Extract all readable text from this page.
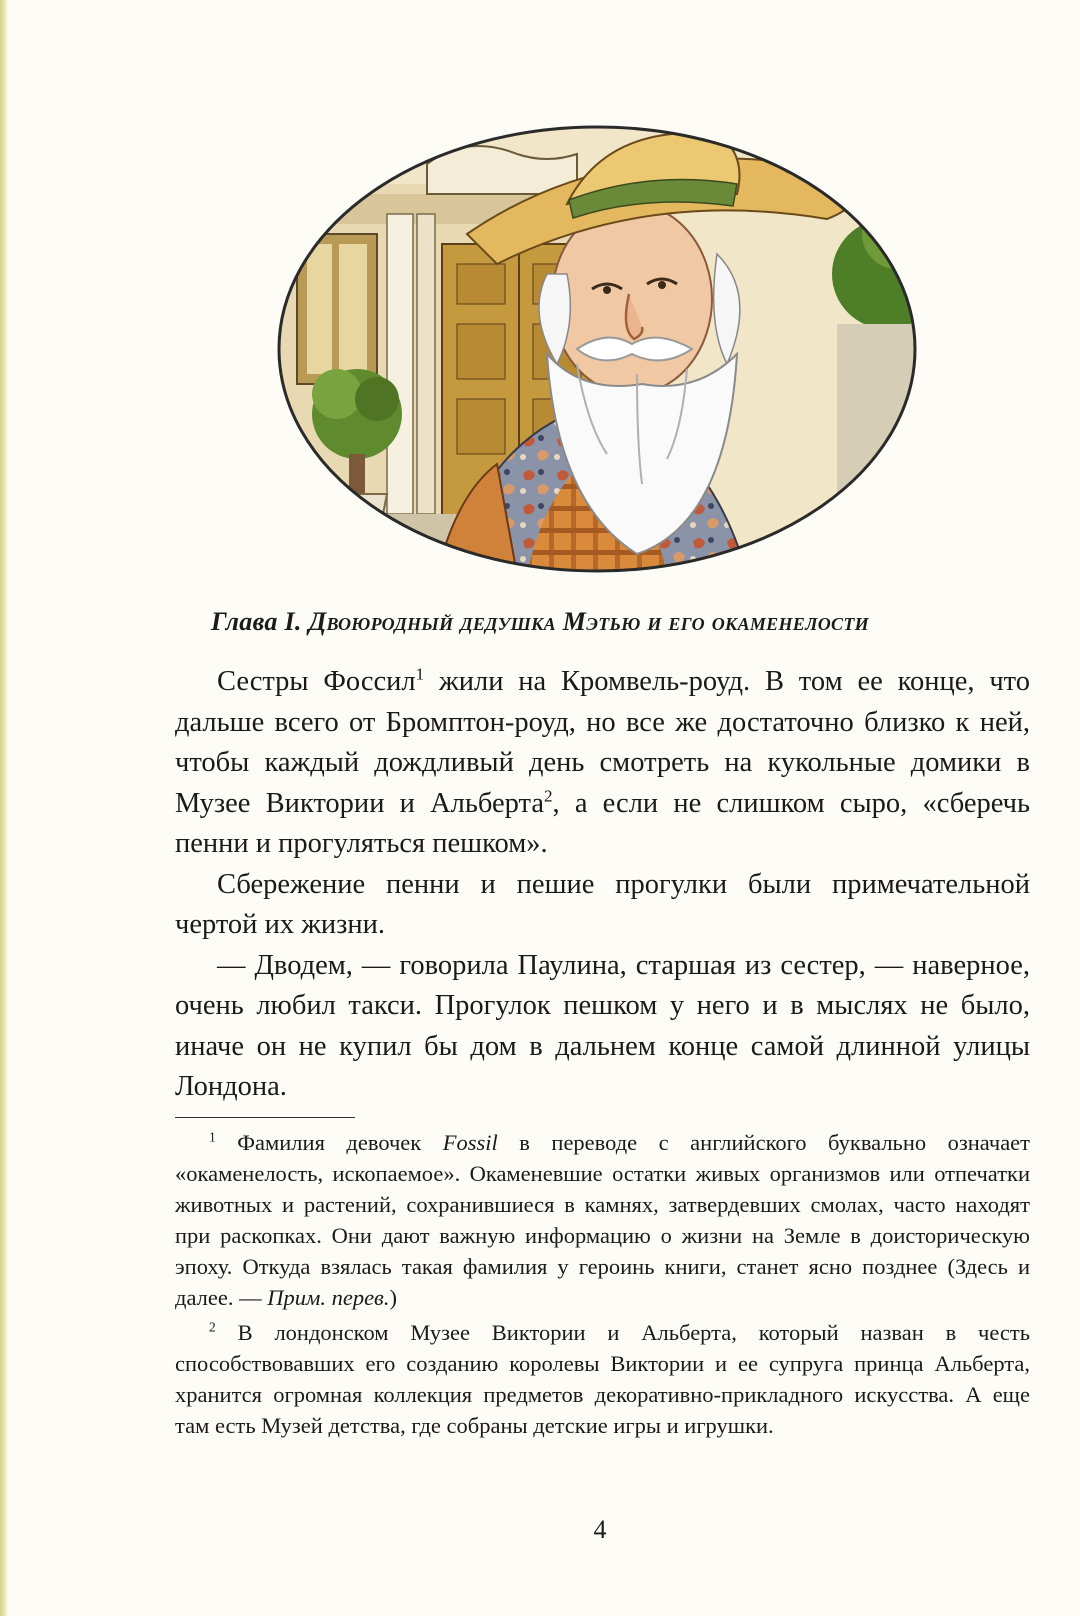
Глава I. Двоюродный дедушка Мэтью и его окаменелости

Сестры Фоссил$^1$ жили на Кромвель-роуд. В том ее конце, что дальше всего от Бромптон-роуд, но все же достаточно близко к ней, чтобы каждый дождливый день смотреть на кукольные домики в Музее Виктории и Альберта$^2$, а если не слишком сыро, «сберечь пенни и прогуляться пешком».

Сбережение пенни и пешие прогулки были примечательной чертой их жизни.

— Дводем, — говорила Паулина, старшая из сестер, — наверное, очень любил такси. Прогулок пешком у него и в мыслях не было, иначе он не купил бы дом в дальнем конце самой длинной улицы Лондона.

$^1$ Фамилия девочек Fossil в переводе с английского буквально означает «окаменелость, ископаемое». Окаменевшие остатки живых организмов или отпечатки животных и растений, сохранившиеся в камнях, затвердевших смолах, часто находят при раскопках. Они дают важную информацию о жизни на Земле в доисторическую эпоху. Откуда взялась такая фамилия у героинь книги, станет ясно позднее (Здесь и далее. — Прим. перев.)

$^2$ В лондонском Музее Виктории и Альберта, который назван в честь способствовавших его созданию королевы Виктории и ее супруга принца Альберта, хранится огромная коллекция предметов декоративно-прикладного искусства. А еще там есть Музей детства, где собраны детские игры и игрушки.

4
